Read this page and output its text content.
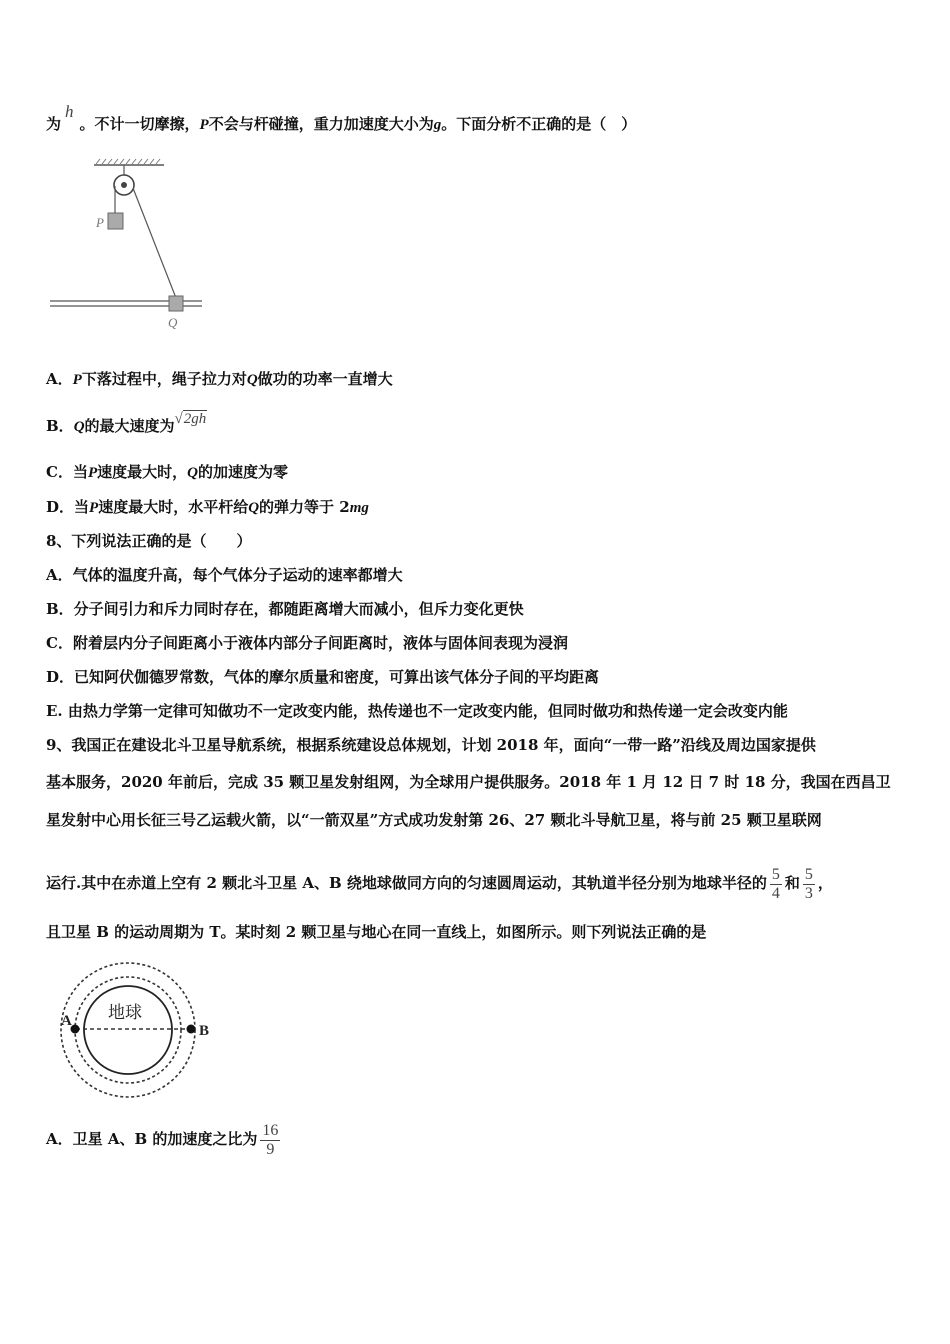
为h。不计一切摩擦，P不会与杆碰撞，重力加速度大小为g。下面分析不正确的是（　）
P
Q
A．P下落过程中，绳子拉力对Q做功的功率一直增大
B．Q的最大速度为√2gh
C．当P速度最大时，Q的加速度为零
D．当P速度最大时，水平杆给Q的弹力等于 2mg
8、下列说法正确的是（　　）
A．气体的温度升高，每个气体分子运动的速率都增大
B．分子间引力和斥力同时存在，都随距离增大而减小，但斥力变化更快
C．附着层内分子间距离小于液体内部分子间距离时，液体与固体间表现为浸润
D．已知阿伏伽德罗常数，气体的摩尔质量和密度，可算出该气体分子间的平均距离
E. 由热力学第一定律可知做功不一定改变内能，热传递也不一定改变内能，但同时做功和热传递一定会改变内能
9、我国正在建设北斗卫星导航系统，根据系统建设总体规划，计划 2018 年，面向“一带一路”沿线及周边国家提供
基本服务，2020 年前后，完成 35 颗卫星发射组网，为全球用户提供服务。2018 年 1 月 12 日 7 时 18 分，我国在西昌卫
星发射中心用长征三号乙运载火箭，以“一箭双星”方式成功发射第 26、27 颗北斗导航卫星，将与前 25 颗卫星联网
运行.其中在赤道上空有 2 颗北斗卫星 A、B 绕地球做同方向的匀速圆周运动，其轨道半径分别为地球半径的 $\frac{5}{4}$ 和 $\frac{5}{3}$ ，
且卫星 B 的运动周期为 T。某时刻 2 颗卫星与地心在同一直线上，如图所示。则下列说法正确的是
地球
A
B
A．卫星 A、B 的加速度之比为 $\frac{16}{9}$
